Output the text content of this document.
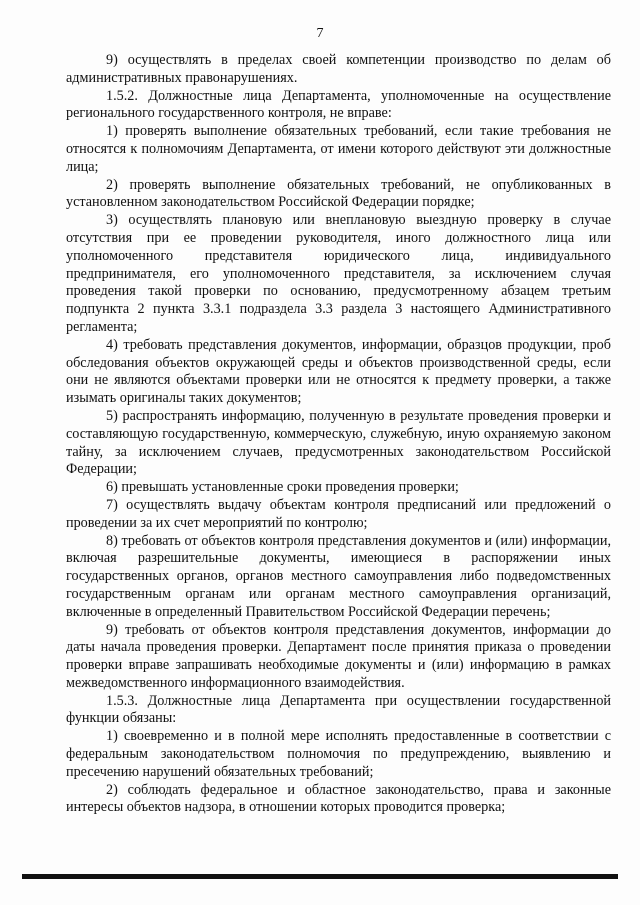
7

9) осуществлять в пределах своей компетенции производство по делам об административных правонарушениях.

1.5.2. Должностные лица Департамента, уполномоченные на осуществление регионального государственного контроля, не вправе:

1) проверять выполнение обязательных требований, если такие требования не относятся к полномочиям Департамента, от имени которого действуют эти должностные лица;

2) проверять выполнение обязательных требований, не опубликованных в установленном законодательством Российской Федерации порядке;

3) осуществлять плановую или внеплановую выездную проверку в случае отсутствия при ее проведении руководителя, иного должностного лица или уполномоченного представителя юридического лица, индивидуального предпринимателя, его уполномоченного представителя, за исключением случая проведения такой проверки по основанию, предусмотренному абзацем третьим подпункта 2 пункта 3.3.1 подраздела 3.3 раздела 3 настоящего Административного регламента;

4) требовать представления документов, информации, образцов продукции, проб обследования объектов окружающей среды и объектов производственной среды, если они не являются объектами проверки или не относятся к предмету проверки, а также изымать оригиналы таких документов;

5) распространять информацию, полученную в результате проведения проверки и составляющую государственную, коммерческую, служебную, иную охраняемую законом тайну, за исключением случаев, предусмотренных законодательством Российской Федерации;

6) превышать установленные сроки проведения проверки;

7) осуществлять выдачу объектам контроля предписаний или предложений о проведении за их счет мероприятий по контролю;

8) требовать от объектов контроля представления документов и (или) информации, включая разрешительные документы, имеющиеся в распоряжении иных государственных органов, органов местного самоуправления либо подведомственных государственным органам или органам местного самоуправления организаций, включенные в определенный Правительством Российской Федерации перечень;

9) требовать от объектов контроля представления документов, информации до даты начала проведения проверки. Департамент после принятия приказа о проведении проверки вправе запрашивать необходимые документы и (или) информацию в рамках межведомственного информационного взаимодействия.

1.5.3. Должностные лица Департамента при осуществлении государственной функции обязаны:

1) своевременно и в полной мере исполнять предоставленные в соответствии с федеральным законодательством полномочия по предупреждению, выявлению и пресечению нарушений обязательных требований;

2) соблюдать федеральное и областное законодательство, права и законные интересы объектов надзора, в отношении которых проводится проверка;
